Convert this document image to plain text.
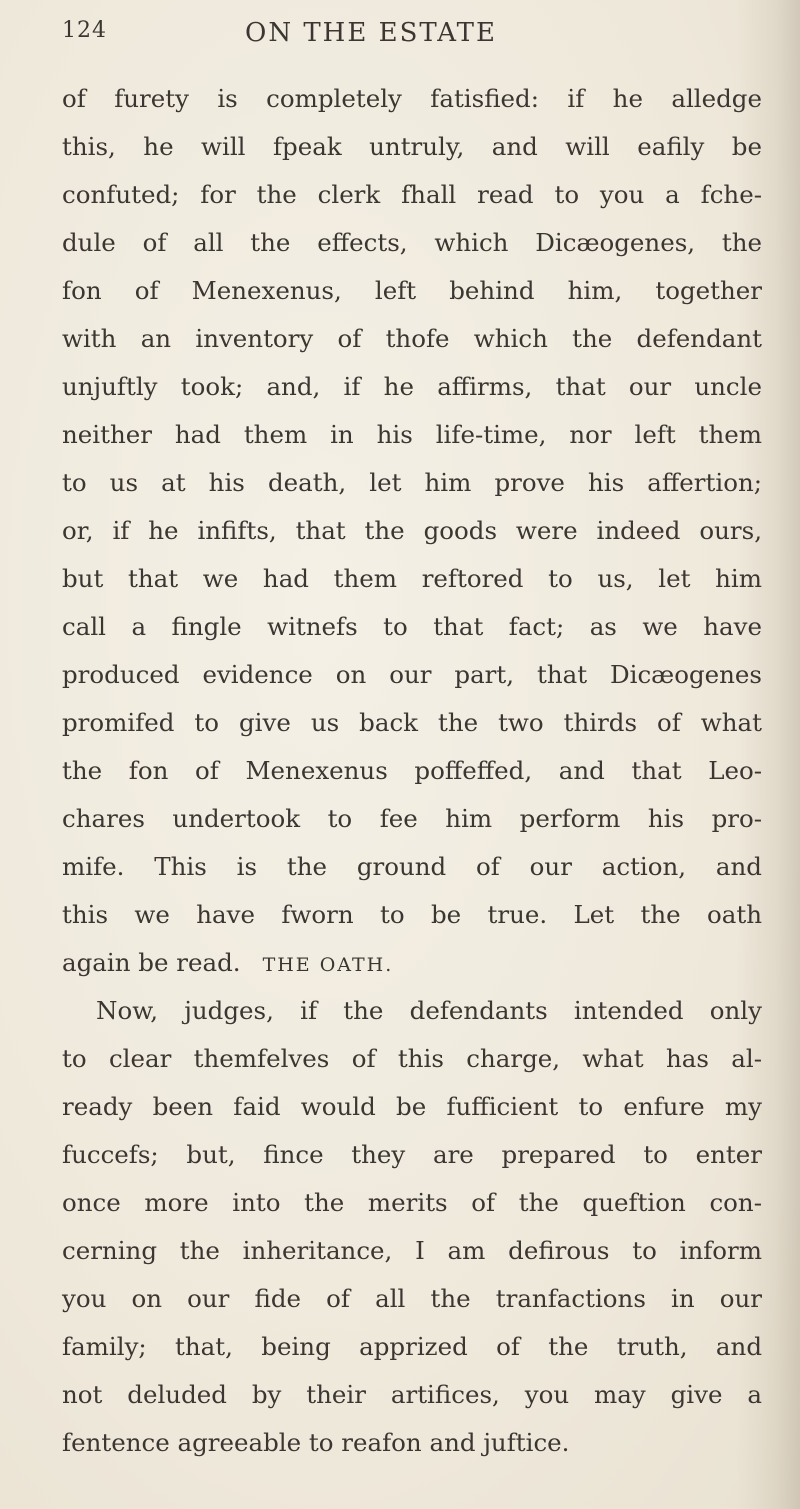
124	ON THE ESTATE
of furety is completely fatisfied: if he alledge
this, he will fpeak untruly, and will eafily be
confuted; for the clerk fhall read to you a fche-
dule of all the effects, which Dicæogenes, the
fon of Menexenus, left behind him, together
with an inventory of thofe which the defendant
unjuftly took; and, if he affirms, that our uncle
neither had them in his life-time, nor left them
to us at his death, let him prove his affertion;
or, if he infifts, that the goods were indeed ours,
but that we had them reftored to us, let him
call a fingle witnefs to that fact; as we have
produced evidence on our part, that Dicæogenes
promifed to give us back the two thirds of what
the fon of Menexenus poffeffed, and that Leo-
chares undertook to fee him perform his pro-
mife. This is the ground of our action, and
this we have fworn to be true. Let the oath
again be read. THE OATH.
Now, judges, if the defendants intended only
to clear themfelves of this charge, what has al-
ready been faid would be fufficient to enfure my
fuccefs; but, fince they are prepared to enter
once more into the merits of the queftion con-
cerning the inheritance, I am defirous to inform
you on our fide of all the tranfactions in our
family; that, being apprized of the truth, and
not deluded by their artifices, you may give a
fentence agreeable to reafon and juftice.
